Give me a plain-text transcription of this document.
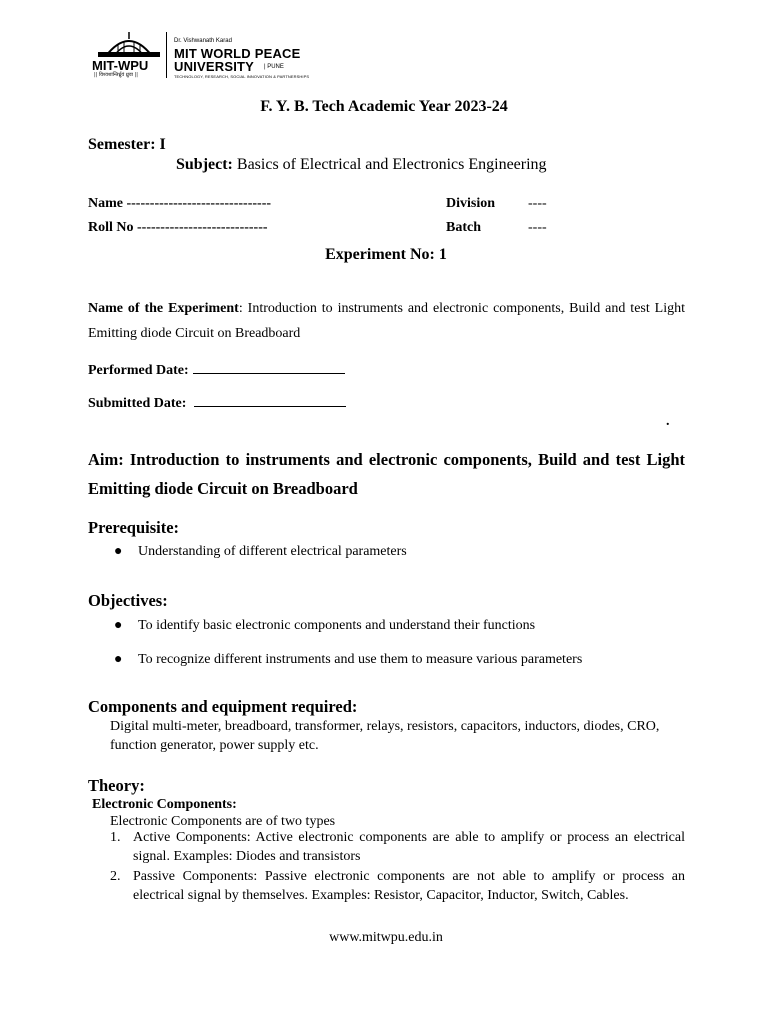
MIT-WPU
|| विश्वशान्तिर्ध्रुवं ध्रुवा ||
Dr. Vishwanath Karad
MIT WORLD PEACE
UNIVERSITY | PUNE
TECHNOLOGY, RESEARCH, SOCIAL INNOVATION & PARTNERSHIPS
F. Y. B. Tech Academic Year 2023-24
Semester: I
Subject: Basics of Electrical and Electronics Engineering
Name -------------------------------
Roll No ----------------------------
Division ----
Batch	----
Experiment No: 1
Name of the Experiment: Introduction to instruments and electronic components, Build and test Light Emitting diode Circuit on Breadboard
Performed Date:
Submitted Date:
.
Aim: Introduction to instruments and electronic components, Build and test Light Emitting diode Circuit on Breadboard
Prerequisite:
● Understanding of different electrical parameters
Objectives:
● To identify basic electronic components and understand their functions
● To recognize different instruments and use them to measure various parameters
Components and equipment required:
Digital multi-meter, breadboard, transformer, relays, resistors, capacitors, inductors, diodes, CRO, function generator, power supply etc.
Theory:
Electronic Components:
Electronic Components are of two types
1. Active Components: Active electronic components are able to amplify or process an electrical signal. Examples: Diodes and transistors
2. Passive Components: Passive electronic components are not able to amplify or process an electrical signal by themselves. Examples: Resistor, Capacitor, Inductor, Switch, Cables.
www.mitwpu.edu.in
